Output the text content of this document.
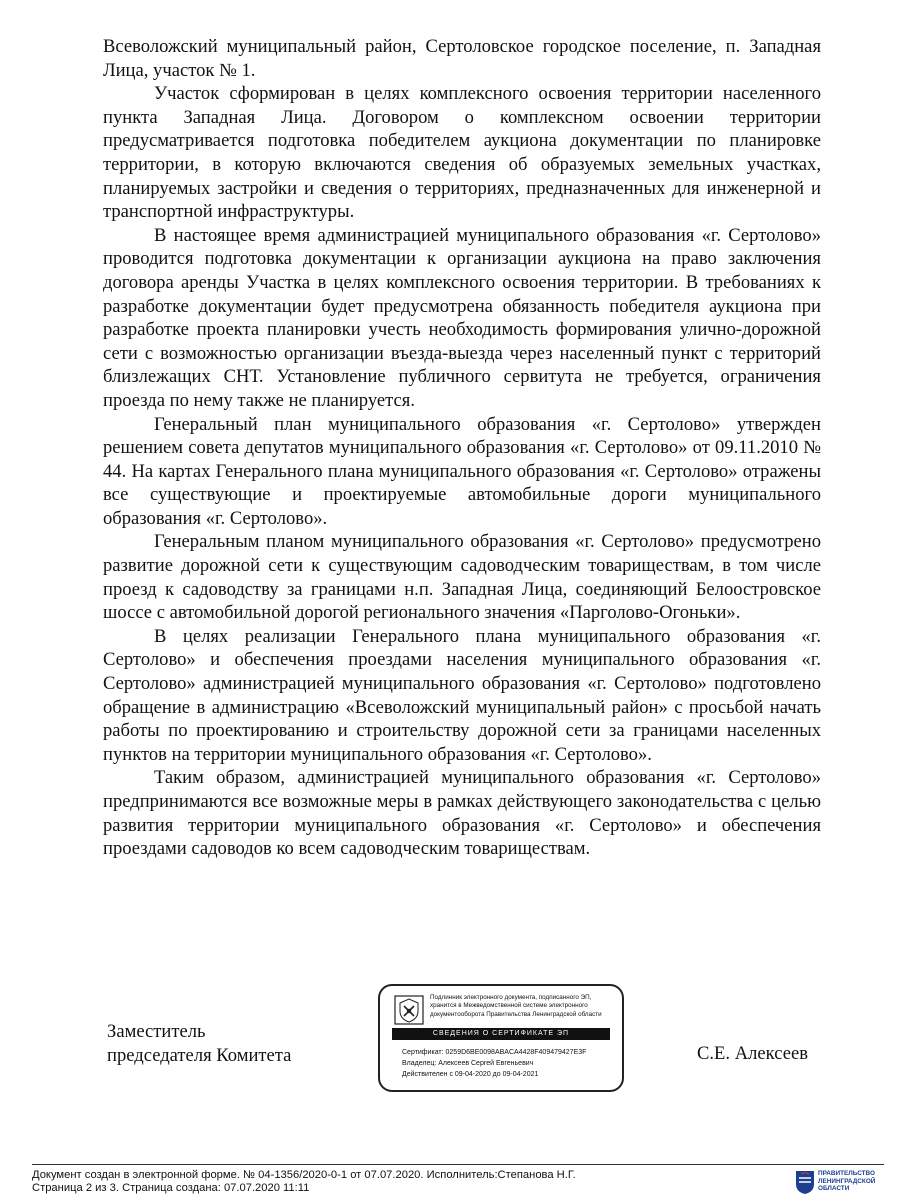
Всеволожский муниципальный район, Сертоловское городское поселение, п. Западная Лица, участок № 1.

Участок сформирован в целях комплексного освоения территории населенного пункта Западная Лица. Договором о комплексном освоении территории предусматривается подготовка победителем аукциона документации по планировке территории, в которую включаются сведения об образуемых земельных участках, планируемых застройки и сведения о территориях, предназначенных для инженерной и транспортной инфраструктуры.

В настоящее время администрацией муниципального образования «г. Сертолово» проводится подготовка документации к организации аукциона на право заключения договора аренды Участка в целях комплексного освоения территории. В требованиях к разработке документации будет предусмотрена обязанность победителя аукциона при разработке проекта планировки учесть необходимость формирования улично-дорожной сети с возможностью организации въезда-выезда через населенный пункт с территорий близлежащих СНТ. Установление публичного сервитута не требуется, ограничения проезда по нему также не планируется.

Генеральный план муниципального образования «г. Сертолово» утвержден решением совета депутатов муниципального образования «г. Сертолово» от 09.11.2010 № 44. На картах Генерального плана муниципального образования «г. Сертолово» отражены все существующие и проектируемые автомобильные дороги муниципального образования «г. Сертолово».

Генеральным планом муниципального образования «г. Сертолово» предусмотрено развитие дорожной сети к существующим садоводческим товариществам, в том числе проезд к садоводству за границами н.п. Западная Лица, соединяющий Белоостровское шоссе с автомобильной дорогой регионального значения «Парголово-Огоньки».

В целях реализации Генерального плана муниципального образования «г. Сертолово» и обеспечения проездами населения муниципального образования «г. Сертолово» администрацией муниципального образования «г. Сертолово» подготовлено обращение в администрацию «Всеволожский муниципальный район» с просьбой начать работы по проектированию и строительству дорожной сети за границами населенных пунктов на территории муниципального образования «г. Сертолово».

Таким образом, администрацией муниципального образования «г. Сертолово» предпринимаются все возможные меры в рамках действующего законодательства с целью развития территории муниципального образования «г. Сертолово» и обеспечения проездами садоводов ко всем садоводческим товариществам.

Заместитель
председателя Комитета
Подлинник электронного документа, подписанного ЭП, хранится в Межведомственной системе электронного документооборота Правительства Ленинградской области
СВЕДЕНИЯ О СЕРТИФИКАТЕ ЭП
Сертификат: 0259D6BE0098ABACA4428F409479427E3F
Владелец: Алексеев Сергей Евгеньевич
Действителен с 09-04-2020 до 09-04-2021
С.Е. Алексеев
Документ создан в электронной форме. № 04-1356/2020-0-1 от 07.07.2020. Исполнитель:Степанова Н.Г.
Страница 2 из 3. Страница создана: 07.07.2020 11:11
ПРАВИТЕЛЬСТВО
ЛЕНИНГРАДСКОЙ
ОБЛАСТИ
